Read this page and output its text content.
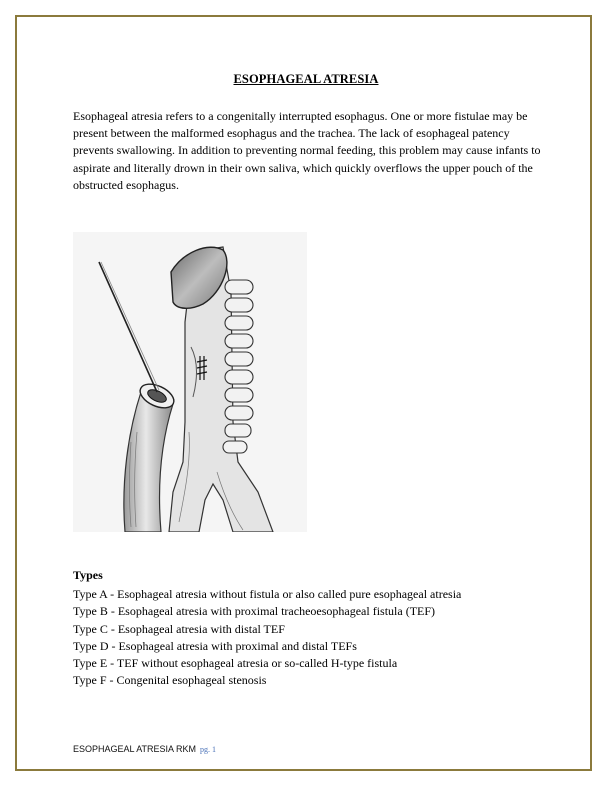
ESOPHAGEAL ATRESIA
Esophageal atresia refers to a congenitally interrupted esophagus. One or more fistulae may be present between the malformed esophagus and the trachea. The lack of esophageal patency prevents swallowing. In addition to preventing normal feeding, this problem may cause infants to aspirate and literally drown in their own saliva, which quickly overflows the upper pouch of the obstructed esophagus.
Types
Type A - Esophageal atresia without fistula or also called pure esophageal atresia
Type B - Esophageal atresia with proximal tracheoesophageal fistula (TEF)
Type C - Esophageal atresia with distal TEF
Type D - Esophageal atresia with proximal and distal TEFs
Type E - TEF without esophageal atresia or so-called H-type fistula
Type F - Congenital esophageal stenosis
ESOPHAGEAL ATRESIA RKM pg. 1
